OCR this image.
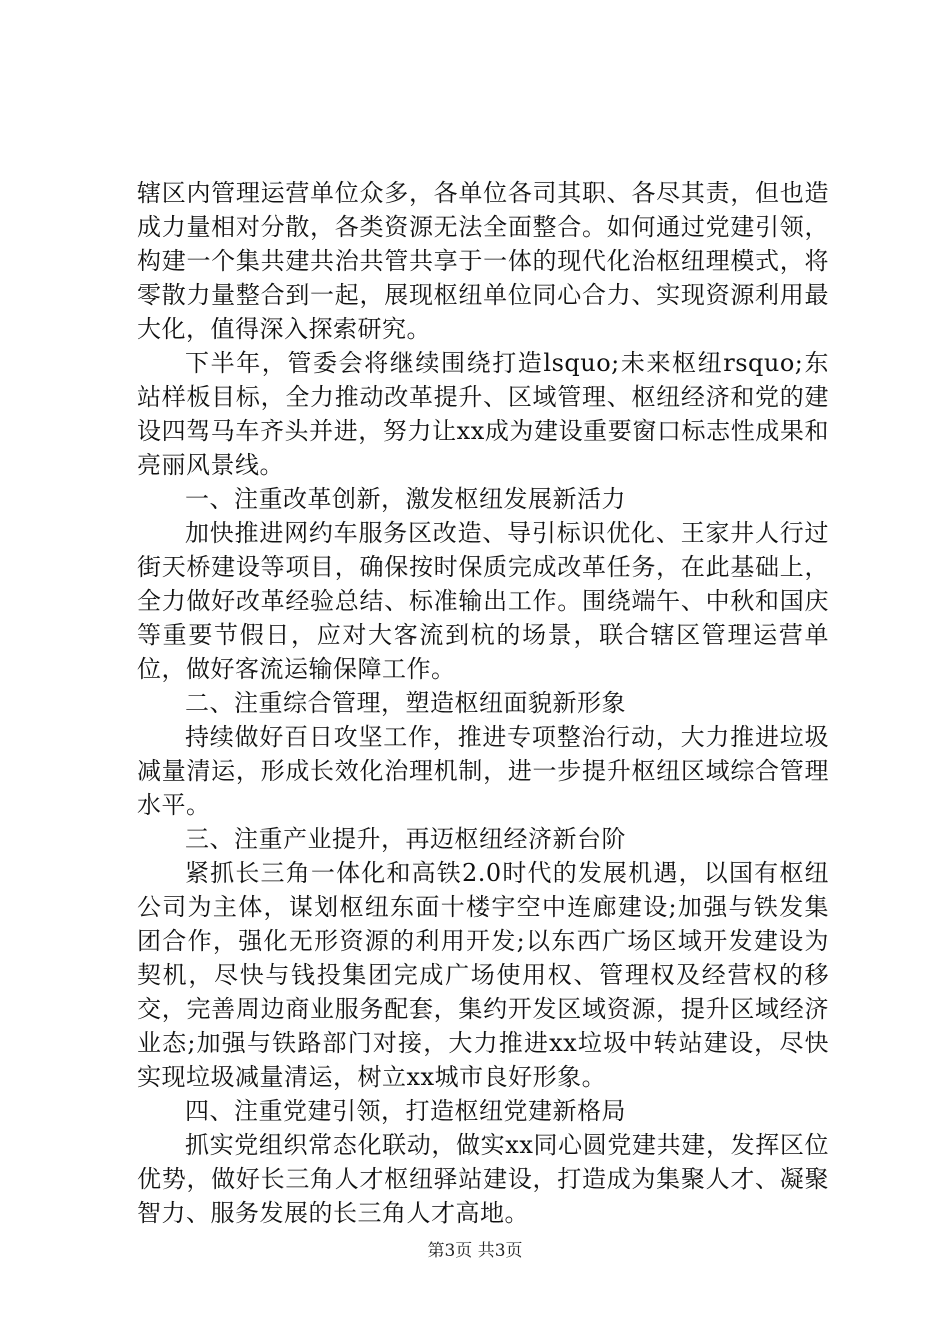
辖区内管理运营单位众多，各单位各司其职、各尽其责，但也造成力量相对分散，各类资源无法全面整合。如何通过党建引领，构建一个集共建共治共管共享于一体的现代化治枢纽理模式，将零散力量整合到一起，展现枢纽单位同心合力、实现资源利用最大化，值得深入探索研究。

下半年，管委会将继续围绕打造lsquo;未来枢纽rsquo;东站样板目标，全力推动改革提升、区域管理、枢纽经济和党的建设四驾马车齐头并进，努力让xx成为建设重要窗口标志性成果和亮丽风景线。

一、注重改革创新，激发枢纽发展新活力

加快推进网约车服务区改造、导引标识优化、王家井人行过街天桥建设等项目，确保按时保质完成改革任务，在此基础上，全力做好改革经验总结、标准输出工作。围绕端午、中秋和国庆等重要节假日，应对大客流到杭的场景，联合辖区管理运营单位，做好客流运输保障工作。

二、注重综合管理，塑造枢纽面貌新形象

持续做好百日攻坚工作，推进专项整治行动，大力推进垃圾减量清运，形成长效化治理机制，进一步提升枢纽区域综合管理水平。

三、注重产业提升，再迈枢纽经济新台阶

紧抓长三角一体化和高铁2.0时代的发展机遇，以国有枢纽公司为主体，谋划枢纽东面十楼宇空中连廊建设;加强与铁发集团合作，强化无形资源的利用开发;以东西广场区域开发建设为契机，尽快与钱投集团完成广场使用权、管理权及经营权的移交，完善周边商业服务配套，集约开发区域资源，提升区域经济业态;加强与铁路部门对接，大力推进xx垃圾中转站建设，尽快实现垃圾减量清运，树立xx城市良好形象。

四、注重党建引领，打造枢纽党建新格局

抓实党组织常态化联动，做实xx同心圆党建共建，发挥区位优势，做好长三角人才枢纽驿站建设，打造成为集聚人才、凝聚智力、服务发展的长三角人才高地。

第3页 共3页
